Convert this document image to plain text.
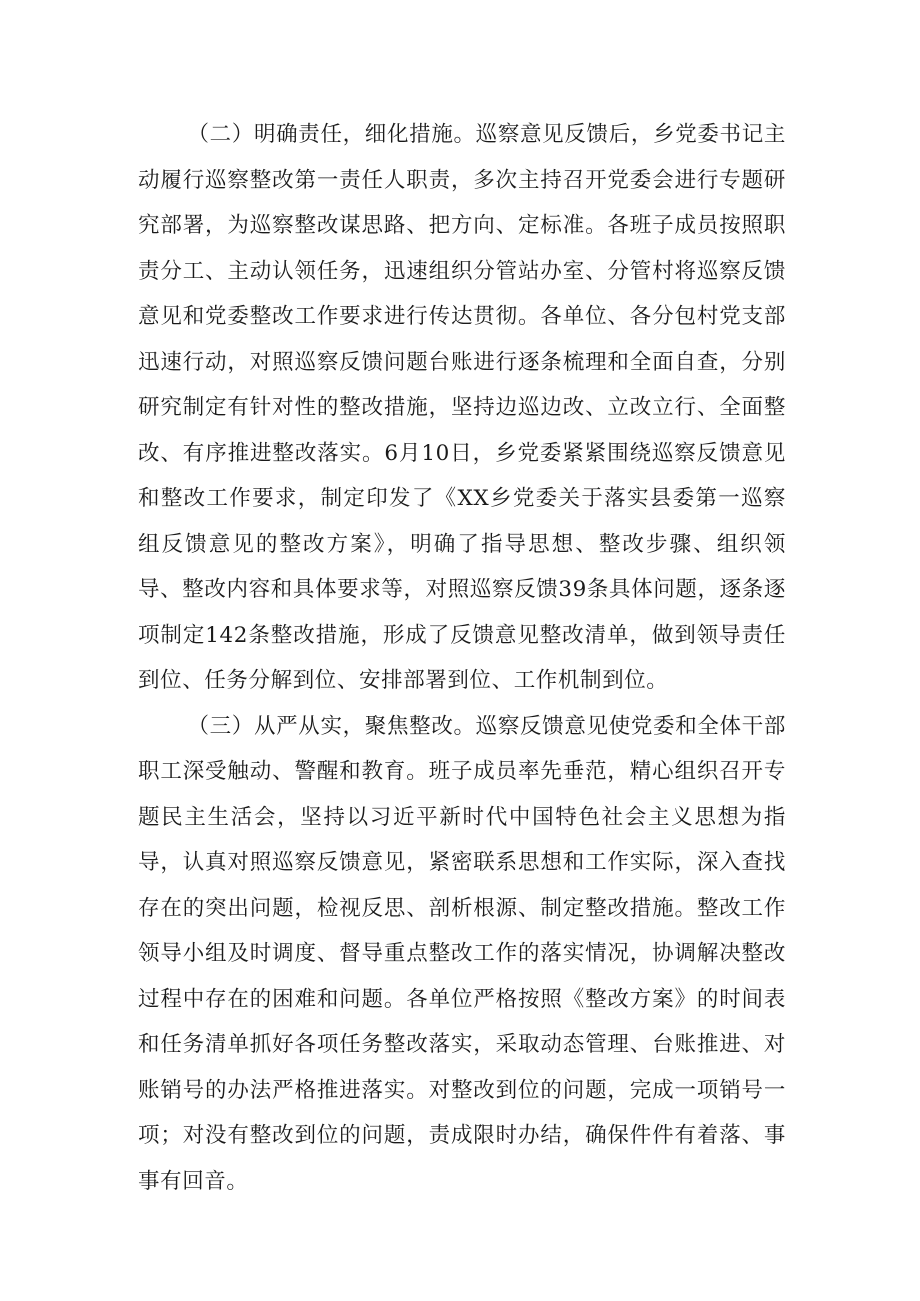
（二）明确责任，细化措施。巡察意见反馈后，乡党委书记主动履行巡察整改第一责任人职责，多次主持召开党委会进行专题研究部署，为巡察整改谋思路、把方向、定标准。各班子成员按照职责分工、主动认领任务，迅速组织分管站办室、分管村将巡察反馈意见和党委整改工作要求进行传达贯彻。各单位、各分包村党支部迅速行动，对照巡察反馈问题台账进行逐条梳理和全面自查，分别研究制定有针对性的整改措施，坚持边巡边改、立改立行、全面整改、有序推进整改落实。6月10日，乡党委紧紧围绕巡察反馈意见和整改工作要求，制定印发了《XX乡党委关于落实县委第一巡察组反馈意见的整改方案》，明确了指导思想、整改步骤、组织领导、整改内容和具体要求等，对照巡察反馈39条具体问题，逐条逐项制定142条整改措施，形成了反馈意见整改清单，做到领导责任到位、任务分解到位、安排部署到位、工作机制到位。

（三）从严从实，聚焦整改。巡察反馈意见使党委和全体干部职工深受触动、警醒和教育。班子成员率先垂范，精心组织召开专题民主生活会，坚持以习近平新时代中国特色社会主义思想为指导，认真对照巡察反馈意见，紧密联系思想和工作实际，深入查找存在的突出问题，检视反思、剖析根源、制定整改措施。整改工作领导小组及时调度、督导重点整改工作的落实情况，协调解决整改过程中存在的困难和问题。各单位严格按照《整改方案》的时间表和任务清单抓好各项任务整改落实，采取动态管理、台账推进、对账销号的办法严格推进落实。对整改到位的问题，完成一项销号一项；对没有整改到位的问题，责成限时办结，确保件件有着落、事事有回音。
